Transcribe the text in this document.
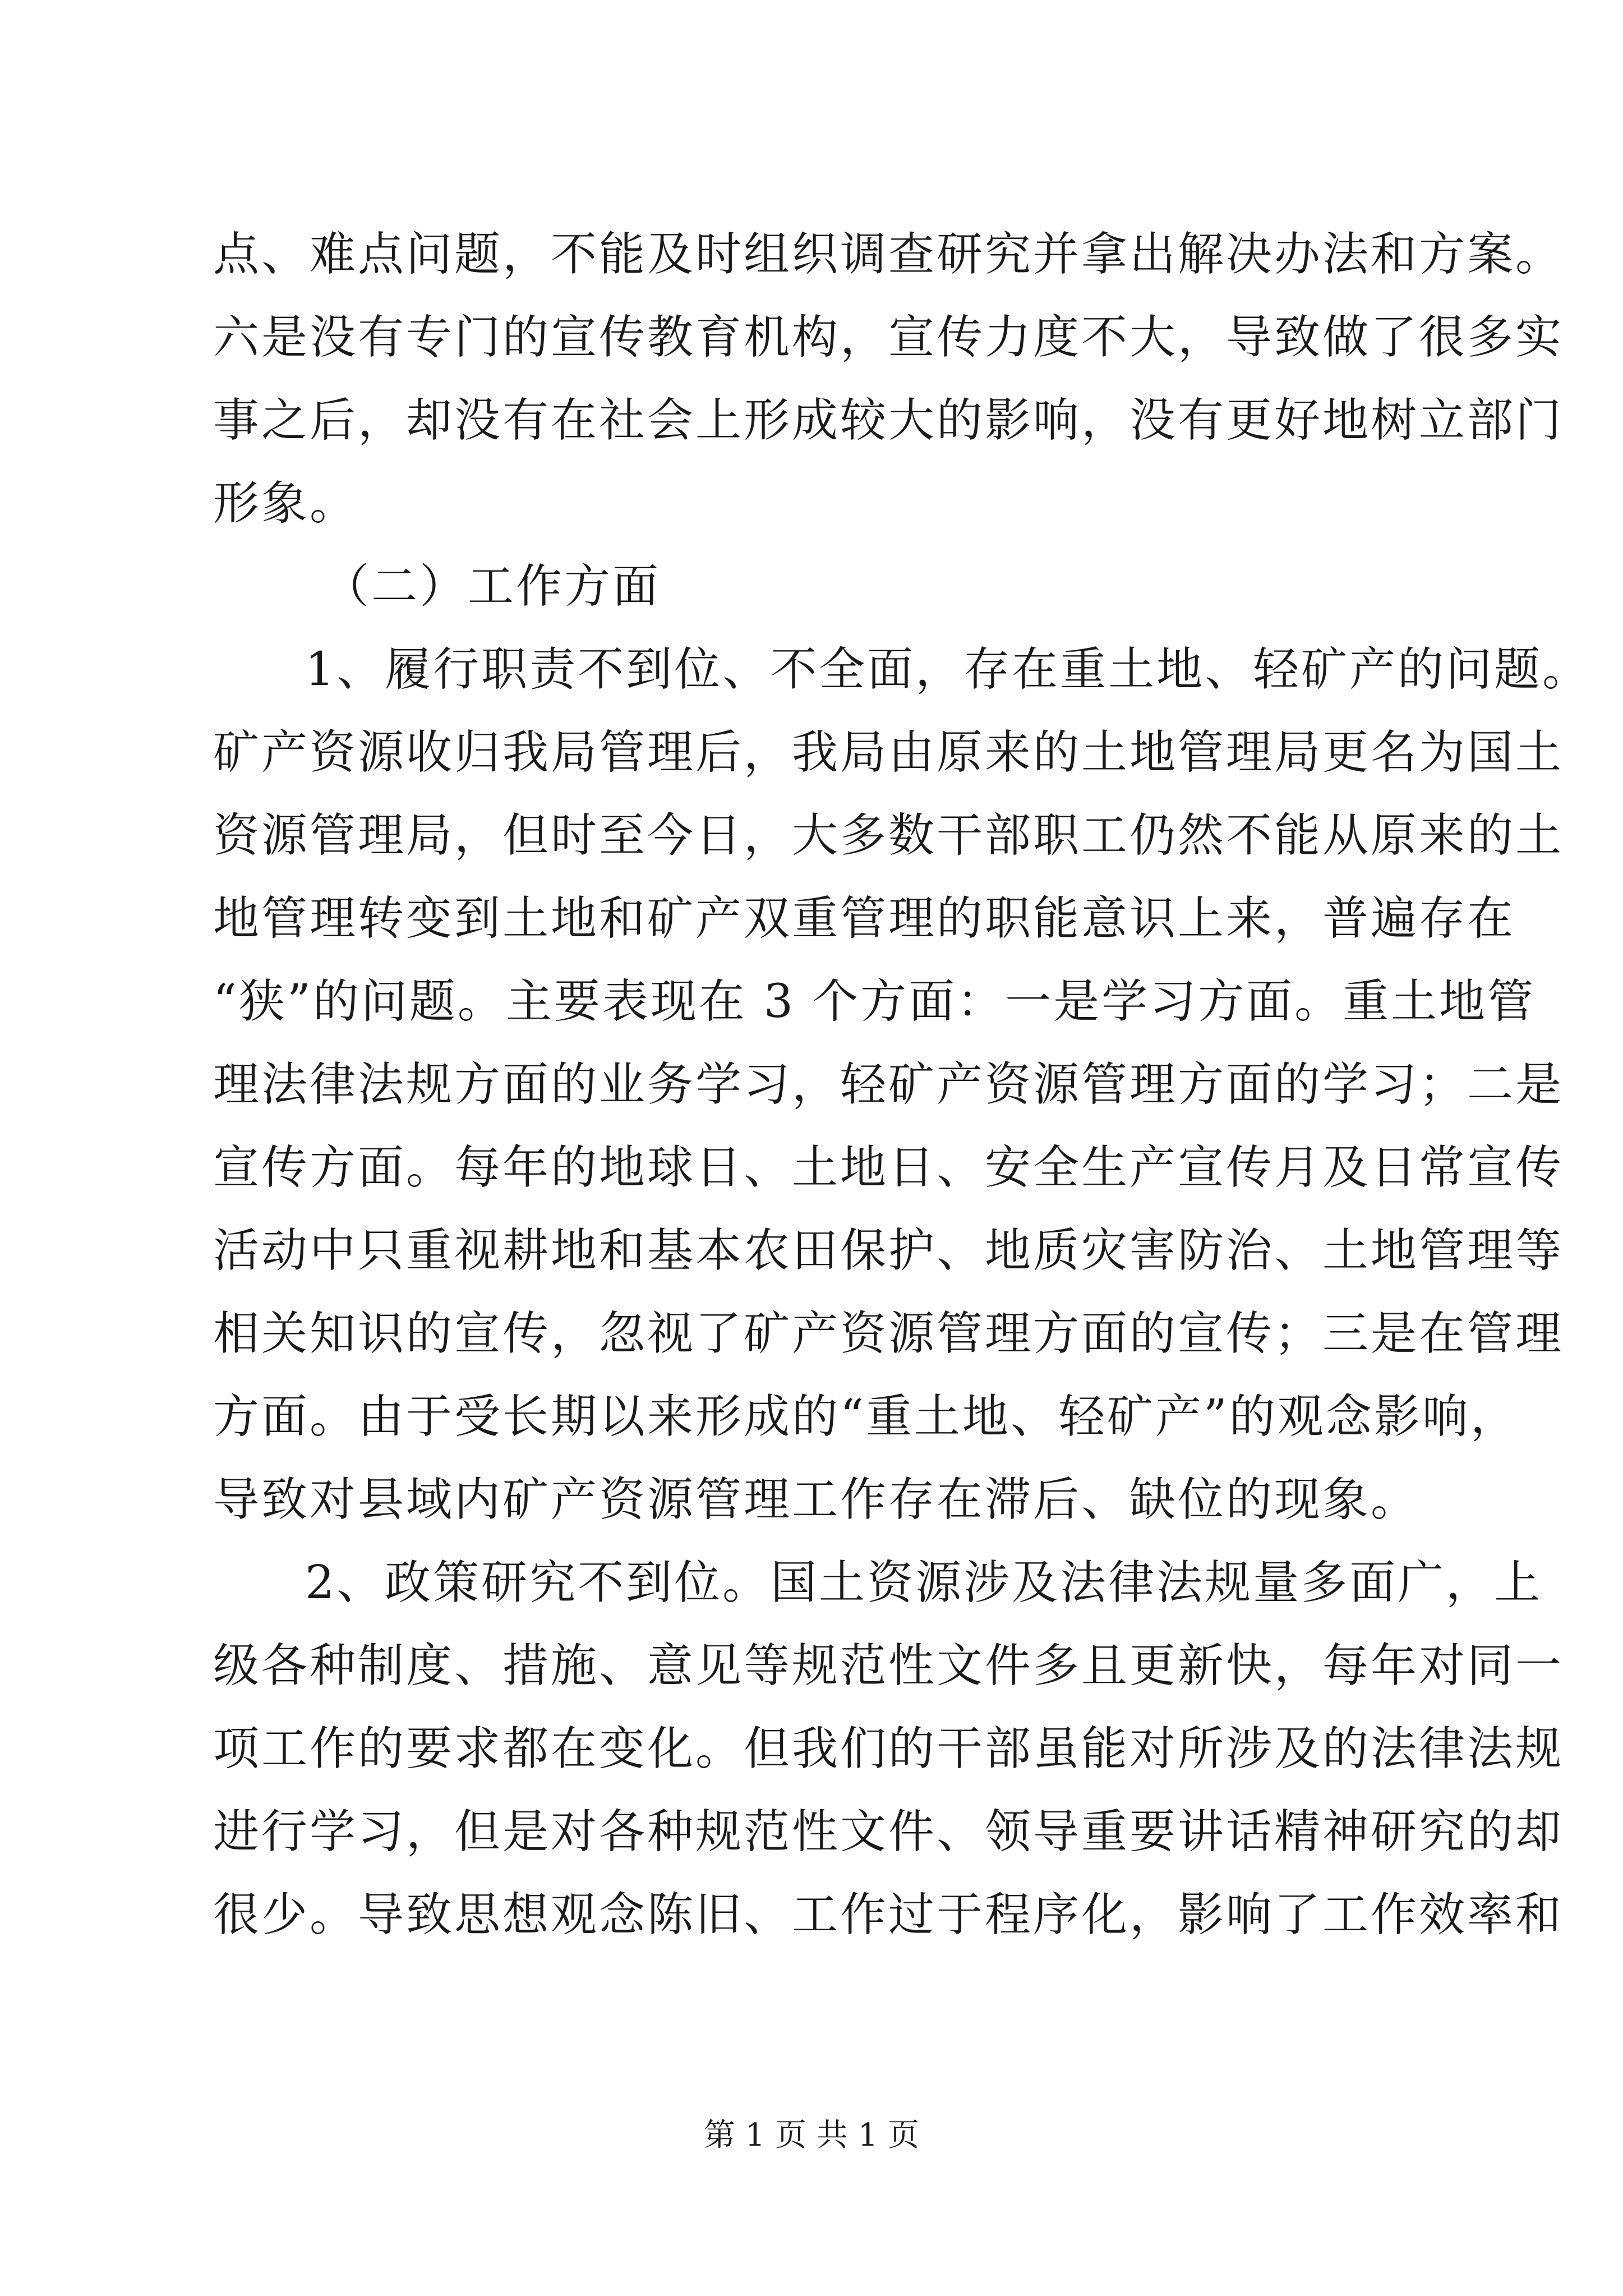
点、难点问题，不能及时组织调查研究并拿出解决办法和方案。
六是没有专门的宣传教育机构，宣传力度不大，导致做了很多实
事之后，却没有在社会上形成较大的影响，没有更好地树立部门
形象。
（二）工作方面
1、履行职责不到位、不全面，存在重土地、轻矿产的问题。
矿产资源收归我局管理后，我局由原来的土地管理局更名为国土
资源管理局，但时至今日，大多数干部职工仍然不能从原来的土
地管理转变到土地和矿产双重管理的职能意识上来，普遍存在
“狭”的问题。主要表现在 3 个方面：一是学习方面。重土地管
理法律法规方面的业务学习，轻矿产资源管理方面的学习；二是
宣传方面。每年的地球日、土地日、安全生产宣传月及日常宣传
活动中只重视耕地和基本农田保护、地质灾害防治、土地管理等
相关知识的宣传，忽视了矿产资源管理方面的宣传；三是在管理
方面。由于受长期以来形成的“重土地、轻矿产”的观念影响，
导致对县域内矿产资源管理工作存在滞后、缺位的现象。
2、政策研究不到位。国土资源涉及法律法规量多面广，上
级各种制度、措施、意见等规范性文件多且更新快，每年对同一
项工作的要求都在变化。但我们的干部虽能对所涉及的法律法规
进行学习，但是对各种规范性文件、领导重要讲话精神研究的却
很少。导致思想观念陈旧、工作过于程序化，影响了工作效率和
第 1 页 共 1 页
